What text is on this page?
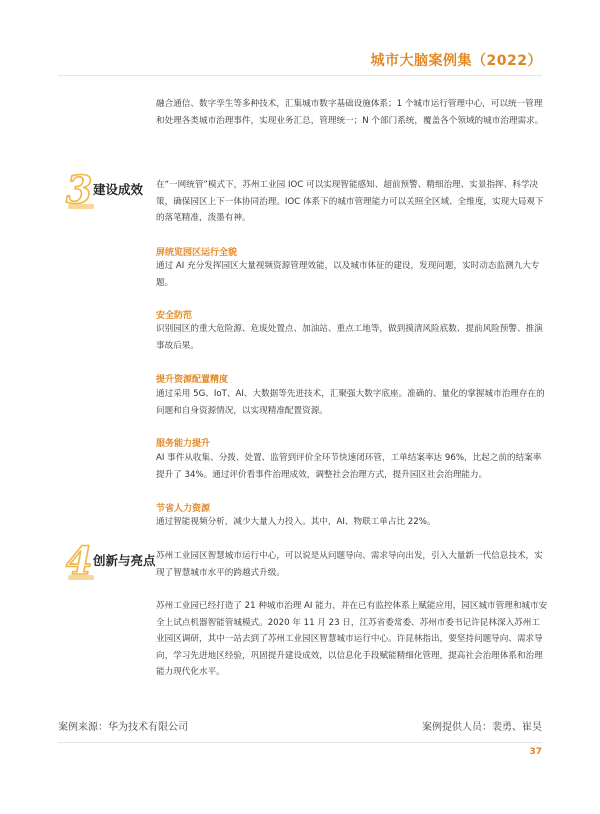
城市大脑案例集（2022）

融合通信、数字孪生等多种技术，汇集城市数字基础设施体系；1 个城市运行管理中心，可以统一管理和处理各类城市治理事件，实现业务汇总，管理统一；N 个部门系统，覆盖各个领域的城市治理需求。

3 建设成效 在“一网统管”模式下，苏州工业园 IOC 可以实现智能感知、超前预警、精细治理、实景指挥、科学决策，确保园区上下一体协同治理。IOC 体系下的城市管理能力可以关照全区域、全维度，实现大局观下的落笔精准，泼墨有神。

屏统览园区运行全貌

通过 AI 充分发挥园区大量视频资源管理效能，以及城市体征的建设，发现问题，实时动态监测九大专题。

安全防范

识别园区的重大危险源、危废处置点、加油站、重点工地等，做到摸清风险底数、提前风险预警、推演事故后果。

提升资源配置精度

通过采用 5G、IoT、AI、大数据等先进技术，汇聚强大数字底座。准确的、量化的掌握城市治理存在的问题和自身资源情况，以实现精准配置资源。

服务能力提升

AI 事件从收集、分拨、处置、监管到评价全环节快速闭环管，工单结案率达 96%，比起之前的结案率提升了 34%。通过评价看事件治理成效，调整社会治理方式，提升园区社会治理能力。

节省人力资源

通过智能视频分析，减少大量人力投入。其中，AI、物联工单占比 22%。

4 创新与亮点 苏州工业园区智慧城市运行中心，可以说是从问题导向、需求导向出发，引入大量新一代信息技术，实现了智慧城市水平的跨越式升级。

苏州工业园已经打造了 21 种城市治理 AI 能力，并在已有监控体系上赋能应用，园区城市管理和城市安全上试点机器智能管城模式。2020 年 11 月 23 日，江苏省委常委、苏州市委书记许昆林深入苏州工业园区调研，其中一站去到了苏州工业园区智慧城市运行中心。许昆林指出，要坚持问题导向、需求导向，学习先进地区经验，巩固提升建设成效，以信息化手段赋能精细化管理，提高社会治理体系和治理能力现代化水平。

案例来源：华为技术有限公司	案例提供人员：裴勇、崔昊
37
